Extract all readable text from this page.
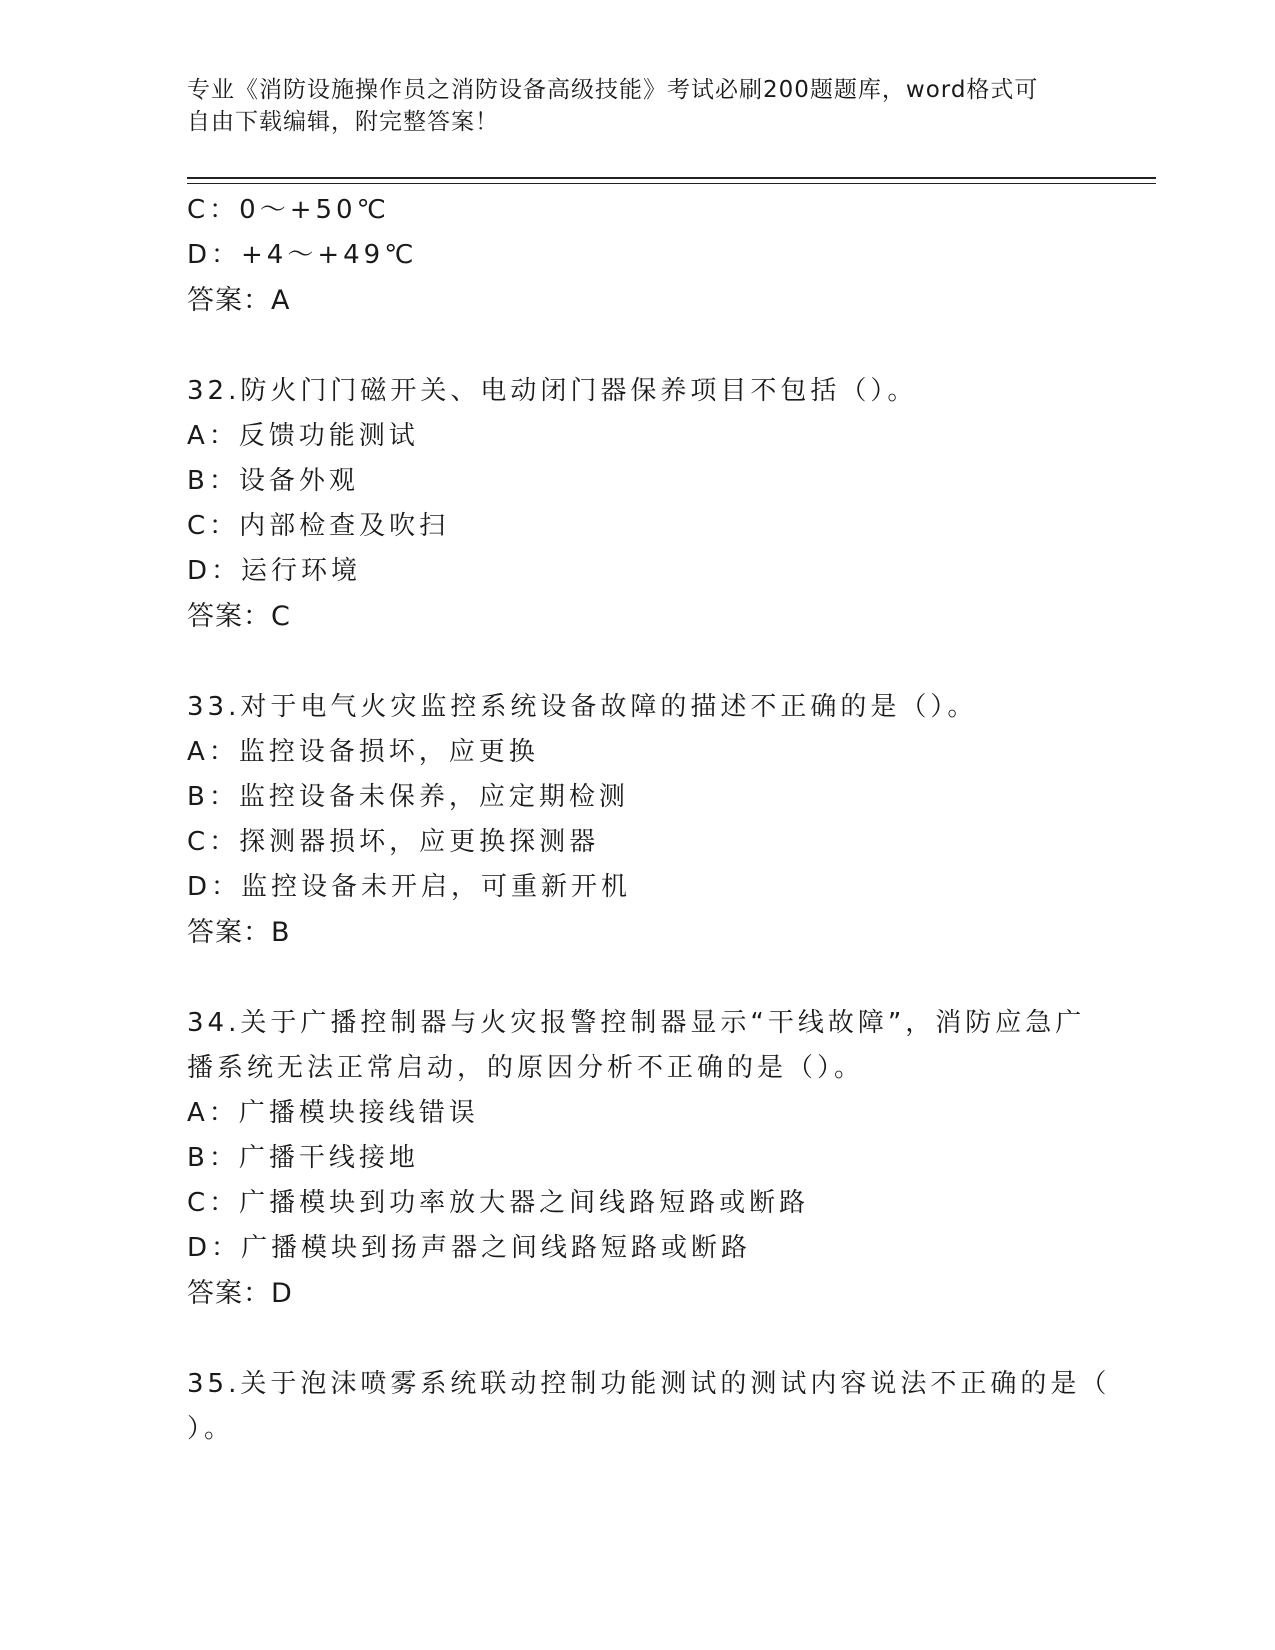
专业《消防设施操作员之消防设备高级技能》考试必刷200题题库，word格式可
自由下载编辑，附完整答案！
C：0～+50℃
D：+4～+49℃
答案：A
32.防火门门磁开关、电动闭门器保养项目不包括（）。
A：反馈功能测试
B：设备外观
C：内部检查及吹扫
D：运行环境
答案：C
33.对于电气火灾监控系统设备故障的描述不正确的是（）。
A：监控设备损坏，应更换
B：监控设备未保养，应定期检测
C：探测器损坏，应更换探测器
D：监控设备未开启，可重新开机
答案：B
34.关于广播控制器与火灾报警控制器显示“干线故障”，消防应急广
播系统无法正常启动，的原因分析不正确的是（）。
A：广播模块接线错误
B：广播干线接地
C：广播模块到功率放大器之间线路短路或断路
D：广播模块到扬声器之间线路短路或断路
答案：D
35.关于泡沫喷雾系统联动控制功能测试的测试内容说法不正确的是（
）。
